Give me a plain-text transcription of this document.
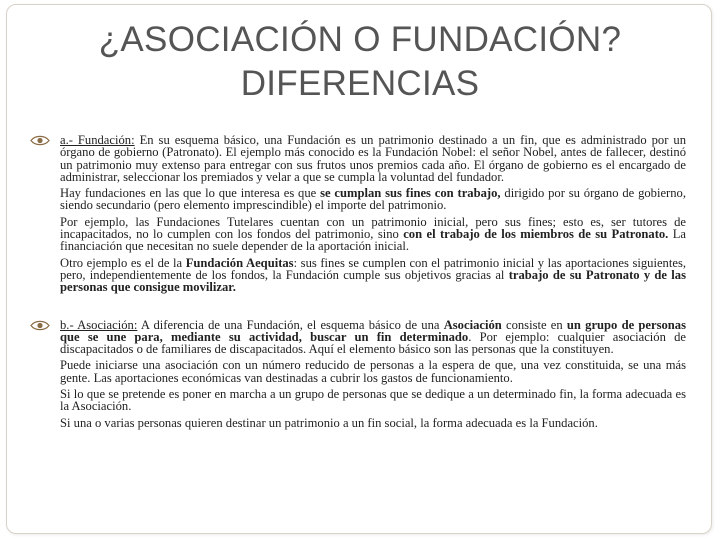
¿ASOCIACIÓN O FUNDACIÓN?
DIFERENCIAS

a.- Fundación: En su esquema básico, una Fundación es un patrimonio destinado a un fin, que es administrado por un órgano de gobierno (Patronato). El ejemplo más conocido es la Fundación Nobel: el señor Nobel, antes de fallecer, destinó un patrimonio muy extenso para entregar con sus frutos unos premios cada año. El órgano de gobierno es el encargado de administrar, seleccionar los premiados y velar a que se cumpla la voluntad del fundador.

Hay fundaciones en las que lo que interesa es que se cumplan sus fines con trabajo, dirigido por su órgano de gobierno, siendo secundario (pero elemento imprescindible) el importe del patrimonio.

Por ejemplo, las Fundaciones Tutelares cuentan con un patrimonio inicial, pero sus fines; esto es, ser tutores de incapacitados, no lo cumplen con los fondos del patrimonio, sino con el trabajo de los miembros de su Patronato. La financiación que necesitan no suele depender de la aportación inicial.

Otro ejemplo es el de la Fundación Aequitas: sus fines se cumplen con el patrimonio inicial y las aportaciones siguientes, pero, independientemente de los fondos, la Fundación cumple sus objetivos gracias al trabajo de su Patronato y de las personas que consigue movilizar.

b.- Asociación: A diferencia de una Fundación, el esquema básico de una Asociación consiste en un grupo de personas que se une para, mediante su actividad, buscar un fin determinado. Por ejemplo: cualquier asociación de discapacitados o de familiares de discapacitados. Aquí el elemento básico son las personas que la constituyen.

Puede iniciarse una asociación con un número reducido de personas a la espera de que, una vez constituida, se una más gente. Las aportaciones económicas van destinadas a cubrir los gastos de funcionamiento.

Si lo que se pretende es poner en marcha a un grupo de personas que se dedique a un determinado fin, la forma adecuada es la Asociación.

Si una o varias personas quieren destinar un patrimonio a un fin social, la forma adecuada es la Fundación.
